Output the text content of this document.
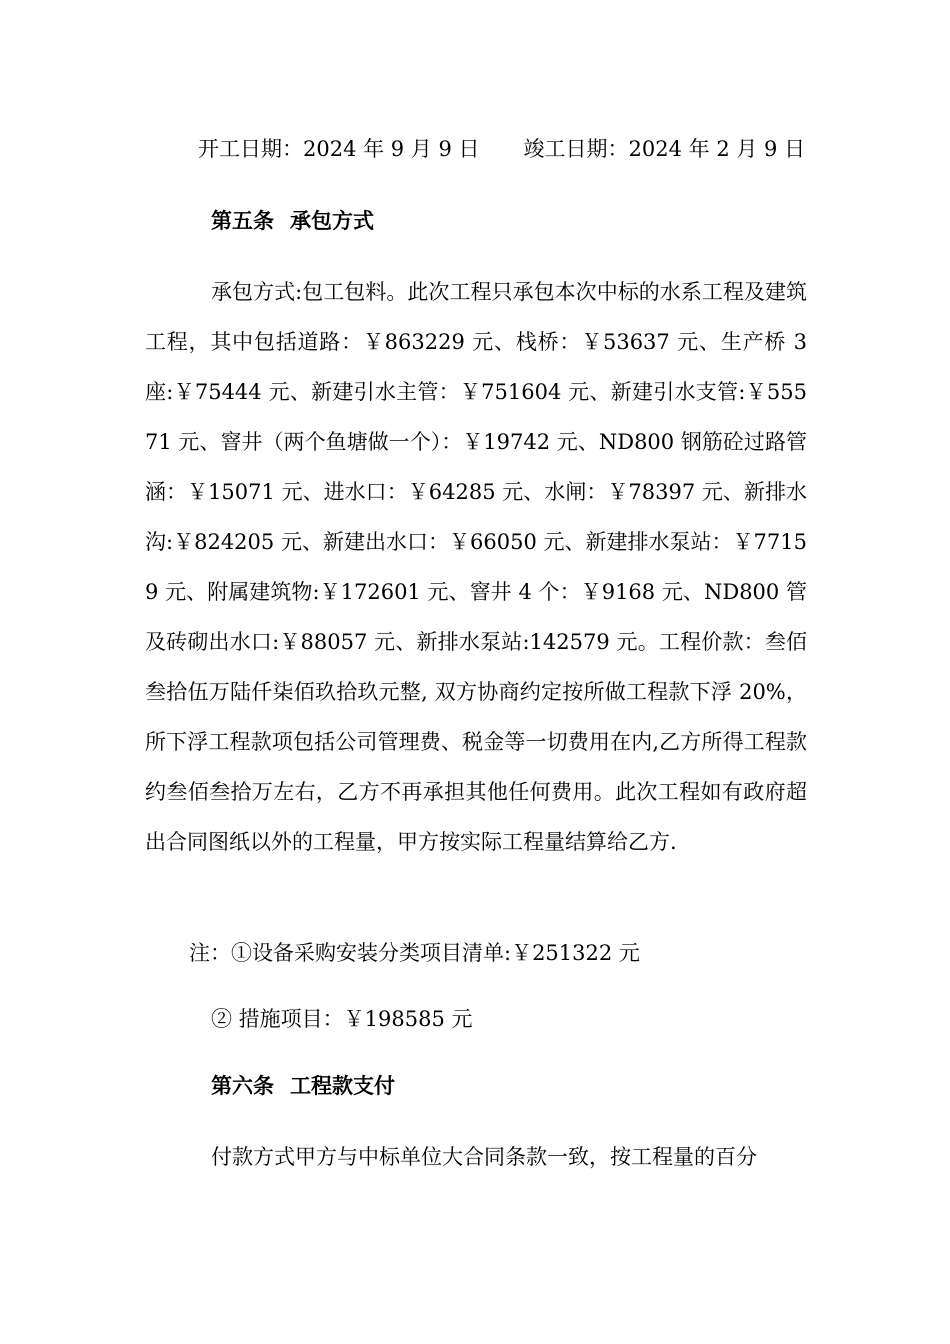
开工日期：2024 年 9 月 9 日 竣工日期：2024 年 2 月 9 日
第五条 承包方式
承包方式:包工包料。此次工程只承包本次中标的水系工程及建筑工程，其中包括道路：￥863229 元、栈桥：￥53637 元、生产桥 3 座:￥75444 元、新建引水主管：￥751604 元、新建引水支管:￥55571 元、窨井（两个鱼塘做一个）：￥19742 元、ND800 钢筋砼过路管涵：￥15071 元、进水口：￥64285 元、水闸：￥78397 元、新排水沟:￥824205 元、新建出水口：￥66050 元、新建排水泵站：￥77159 元、附属建筑物:￥172601 元、窨井 4 个：￥9168 元、ND800 管及砖砌出水口:￥88057 元、新排水泵站:142579 元。工程价款：叁佰叁拾伍万陆仟柒佰玖拾玖元整, 双方协商约定按所做工程款下浮 20%，所下浮工程款项包括公司管理费、税金等一切费用在内,乙方所得工程款约叁佰叁拾万左右，乙方不再承担其他任何费用。此次工程如有政府超出合同图纸以外的工程量，甲方按实际工程量结算给乙方.
注：①设备采购安装分类项目清单:￥251322 元
② 措施项目：￥198585 元
第六条 工程款支付
付款方式甲方与中标单位大合同条款一致，按工程量的百分
